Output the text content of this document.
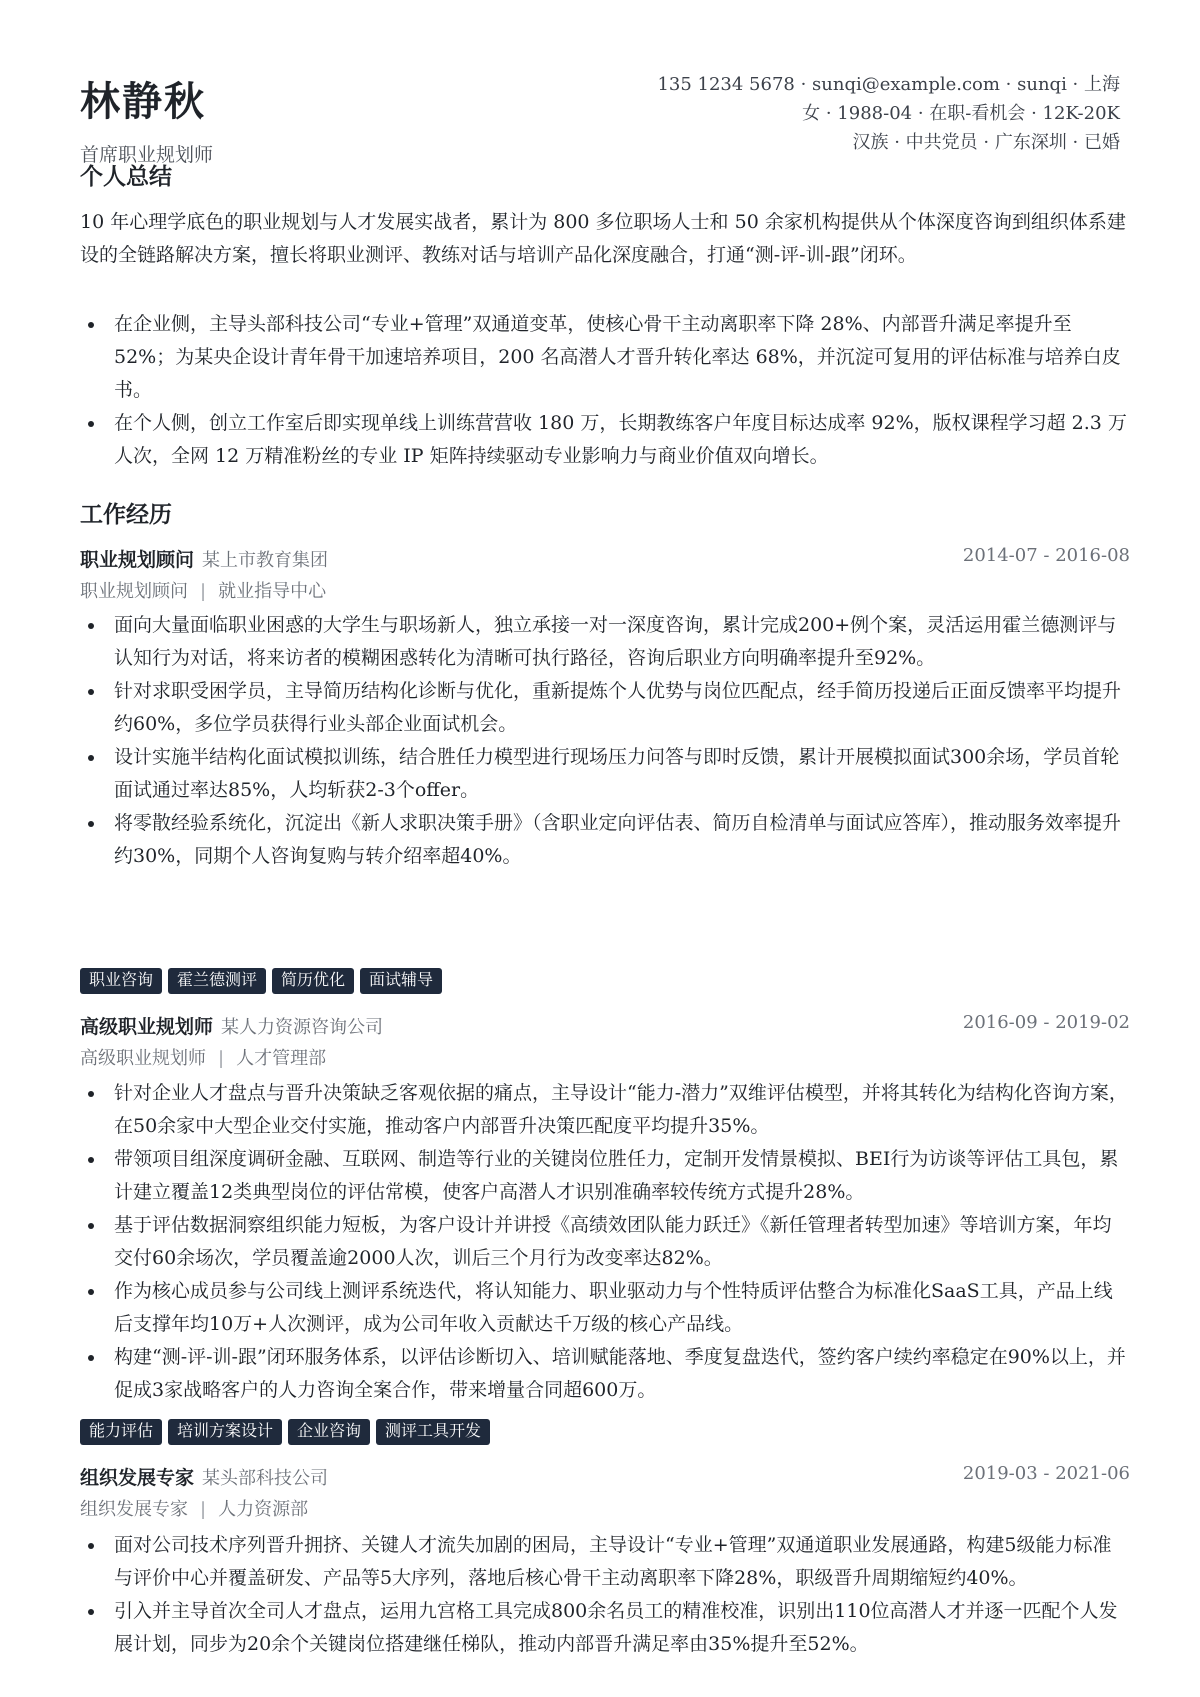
林静秋

首席职业规划师

135 1234 5678 · sunqi@example.com · sunqi · 上海
女 · 1988-04 · 在职-看机会 · 12K-20K
汉族 · 中共党员 · 广东深圳 · 已婚
个人总结

10 年心理学底色的职业规划与人才发展实战者，累计为 800 多位职场人士和 50 余家机构提供从个体深度咨询到组织体系建设的全链路解决方案，擅长将职业测评、教练对话与培训产品化深度融合，打通“测-评-训-跟”闭环。

在企业侧，主导头部科技公司“专业+管理”双通道变革，使核心骨干主动离职率下降 28%、内部晋升满足率提升至 52%；为某央企设计青年骨干加速培养项目，200 名高潜人才晋升转化率达 68%，并沉淀可复用的评估标准与培养白皮书。
在个人侧，创立工作室后即实现单线上训练营营收 180 万，长期教练客户年度目标达成率 92%，版权课程学习超 2.3 万人次，全网 12 万精准粉丝的专业 IP 矩阵持续驱动专业影响力与商业价值双向增长。
工作经历
职业规划顾问 某上市教育集团	2014-07 - 2016-08
职业规划顾问 | 就业指导中心
面向大量面临职业困惑的大学生与职场新人，独立承接一对一深度咨询，累计完成200+例个案，灵活运用霍兰德测评与认知行为对话，将来访者的模糊困惑转化为清晰可执行路径，咨询后职业方向明确率提升至92%。
针对求职受困学员，主导简历结构化诊断与优化，重新提炼个人优势与岗位匹配点，经手简历投递后正面反馈率平均提升约60%，多位学员获得行业头部企业面试机会。
设计实施半结构化面试模拟训练，结合胜任力模型进行现场压力问答与即时反馈，累计开展模拟面试300余场，学员首轮面试通过率达85%，人均斩获2-3个offer。
将零散经验系统化，沉淀出《新人求职决策手册》（含职业定向评估表、简历自检清单与面试应答库），推动服务效率提升约30%，同期个人咨询复购与转介绍率超40%。
职业咨询	霍兰德测评	简历优化	面试辅导
高级职业规划师 某人力资源咨询公司	2016-09 - 2019-02
高级职业规划师 | 人才管理部
针对企业人才盘点与晋升决策缺乏客观依据的痛点，主导设计“能力-潜力”双维评估模型，并将其转化为结构化咨询方案，在50余家中大型企业交付实施，推动客户内部晋升决策匹配度平均提升35%。
带领项目组深度调研金融、互联网、制造等行业的关键岗位胜任力，定制开发情景模拟、BEI行为访谈等评估工具包，累计建立覆盖12类典型岗位的评估常模，使客户高潜人才识别准确率较传统方式提升28%。
基于评估数据洞察组织能力短板，为客户设计并讲授《高绩效团队能力跃迁》《新任管理者转型加速》等培训方案，年均交付60余场次，学员覆盖逾2000人次，训后三个月行为改变率达82%。
作为核心成员参与公司线上测评系统迭代，将认知能力、职业驱动力与个性特质评估整合为标准化SaaS工具，产品上线后支撑年均10万+人次测评，成为公司年收入贡献达千万级的核心产品线。
构建“测-评-训-跟”闭环服务体系，以评估诊断切入、培训赋能落地、季度复盘迭代，签约客户续约率稳定在90%以上，并促成3家战略客户的人力咨询全案合作，带来增量合同超600万。
能力评估	培训方案设计	企业咨询	测评工具开发
组织发展专家 某头部科技公司	2019-03 - 2021-06
组织发展专家 | 人力资源部
面对公司技术序列晋升拥挤、关键人才流失加剧的困局，主导设计“专业+管理”双通道职业发展通路，构建5级能力标准与评价中心并覆盖研发、产品等5大序列，落地后核心骨干主动离职率下降28%，职级晋升周期缩短约40%。
引入并主导首次全司人才盘点，运用九宫格工具完成800余名员工的精准校准，识别出110位高潜人才并逐一匹配个人发展计划，同步为20余个关键岗位搭建继任梯队，推动内部晋升满足率由35%提升至52%。
